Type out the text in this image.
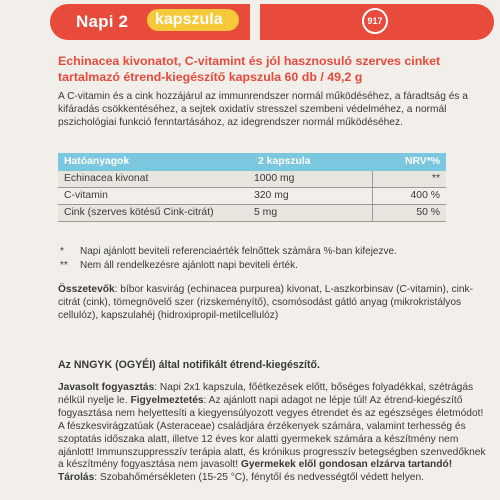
Napi 2	kapszula	917
Echinacea kivonatot, C-vitamint és jól hasznosuló szerves cinket tartalmazó étrend-kiegészítő kapszula 60 db / 49,2 g
A C-vitamin és a cink hozzájárul az immunrendszer normál működéséhez, a fáradtság és a kifáradás csökkentéséhez, a sejtek oxidatív stresszel szembeni védelméhez, a normál pszichológiai funkció fenntartásához, az idegrendszer normál működéséhez.
Hatóanyagok	2 kapszula	NRV*%
Echinacea kivonat	1000 mg	**
C-vitamin	320 mg	400 %
Cink (szerves kötésű Cink-citrát)	5 mg	50 %
* Napi ajánlott beviteli referenciaérték felnőttek számára %-ban kifejezve.
** Nem áll rendelkezésre ajánlott napi beviteli érték.
Összetevők: bíbor kasvirág (echinacea purpurea) kivonat, L-aszkorbinsav (C-vitamin), cink-citrát (cink), tömegnövelő szer (rizskeményítő), csomósodást gátló anyag (mikrokristályos cellulóz), kapszulahéj (hidroxipropil-metilcellulóz)
Az NNGYK (OGYÉI) által notifikált étrend-kiegészítő.
Javasolt fogyasztás: Napi 2x1 kapszula, főétkezések előtt, bőséges folyadékkal, szétrágás nélkül nyelje le. Figyelmeztetés: Az ajánlott napi adagot ne lépje túl! Az étrend-kiegészítő fogyasztása nem helyettesíti a kiegyensúlyozott vegyes étrendet és az egészséges életmódot! A fészkesvirágzatúak (Asteraceae) családjára érzékenyek számára, valamint terhesség és szoptatás időszaka alatt, illetve 12 éves kor alatti gyermekek számára a készítmény nem ajánlott! Immunszuppresszív terápia alatt, és krónikus progresszív betegségben szenvedőknek a készítmény fogyasztása nem javasolt! Gyermekek elől gondosan elzárva tartandó! Tárolás: Szobahőmérsékleten (15-25 °C), fénytől és nedvességtől védett helyen.
